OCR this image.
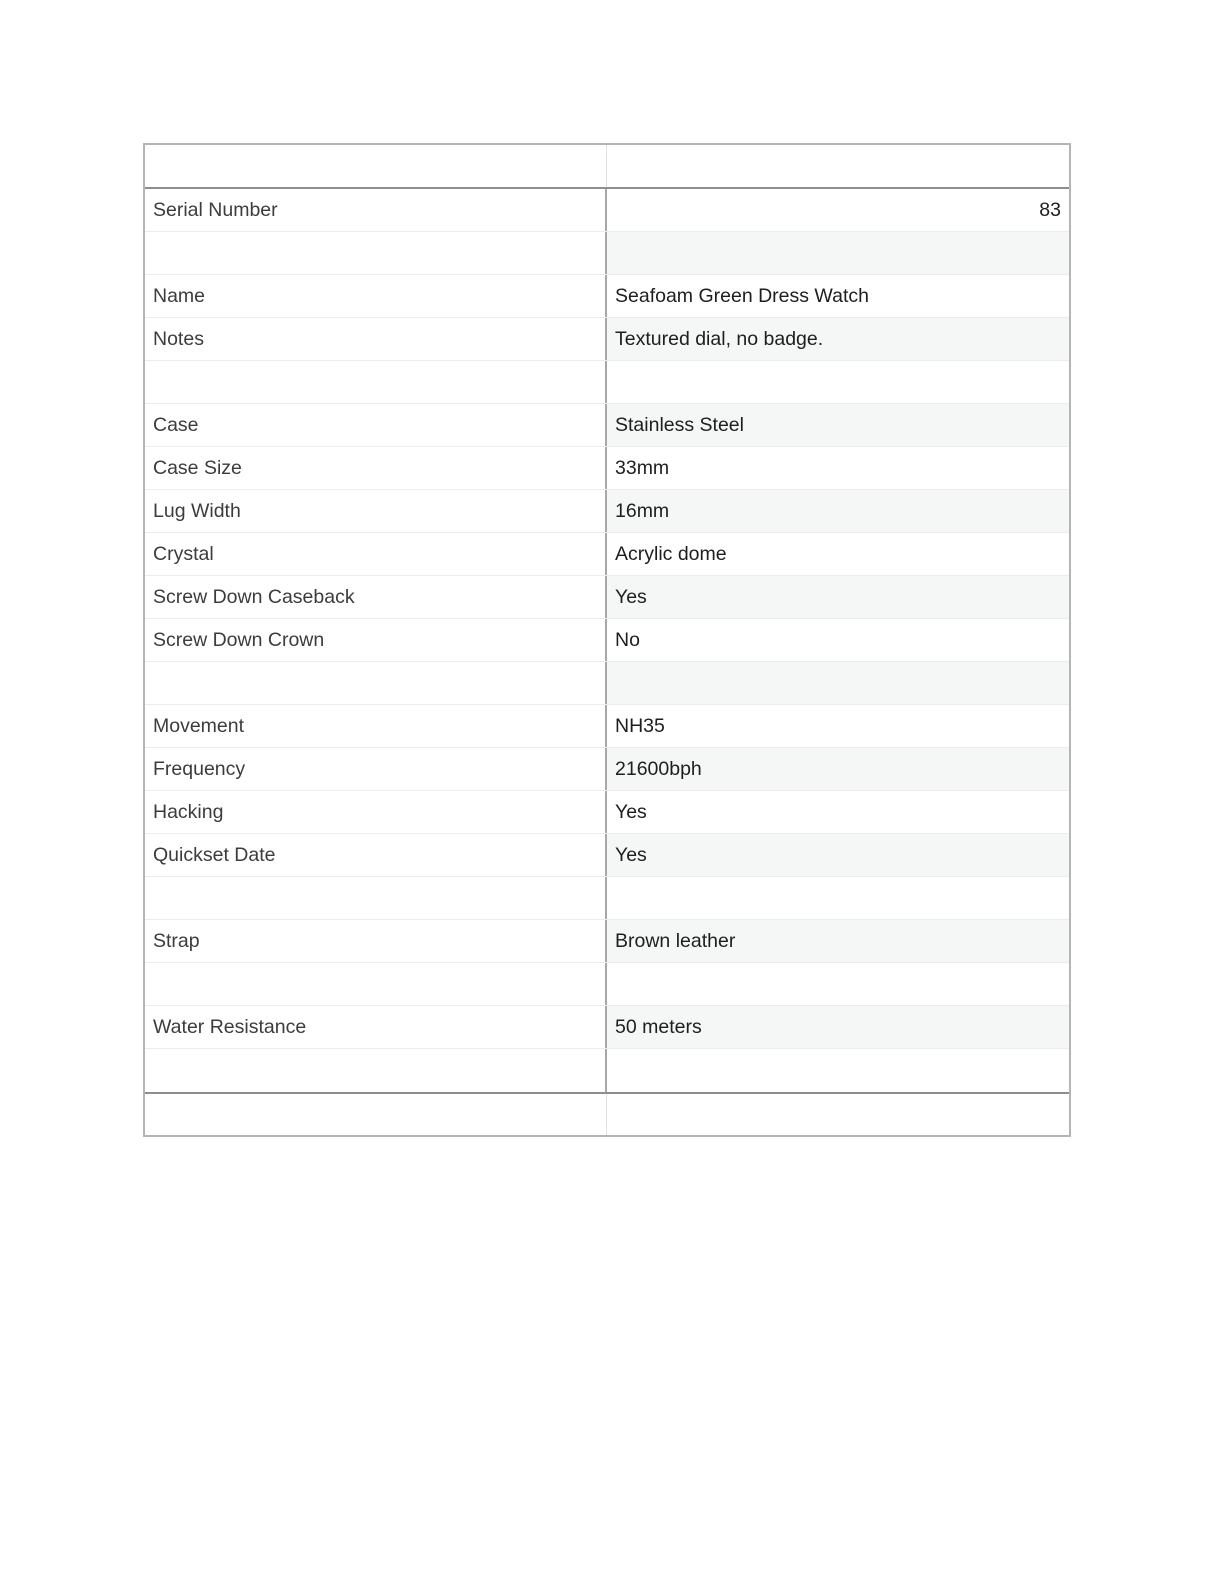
Serial Number	83
Name	Seafoam Green Dress Watch
Notes	Textured dial, no badge.
Case	Stainless Steel
Case Size	33mm
Lug Width	16mm
Crystal	Acrylic dome
Screw Down Caseback	Yes
Screw Down Crown	No
Movement	NH35
Frequency	21600bph
Hacking	Yes
Quickset Date	Yes
Strap	Brown leather
Water Resistance	50 meters
